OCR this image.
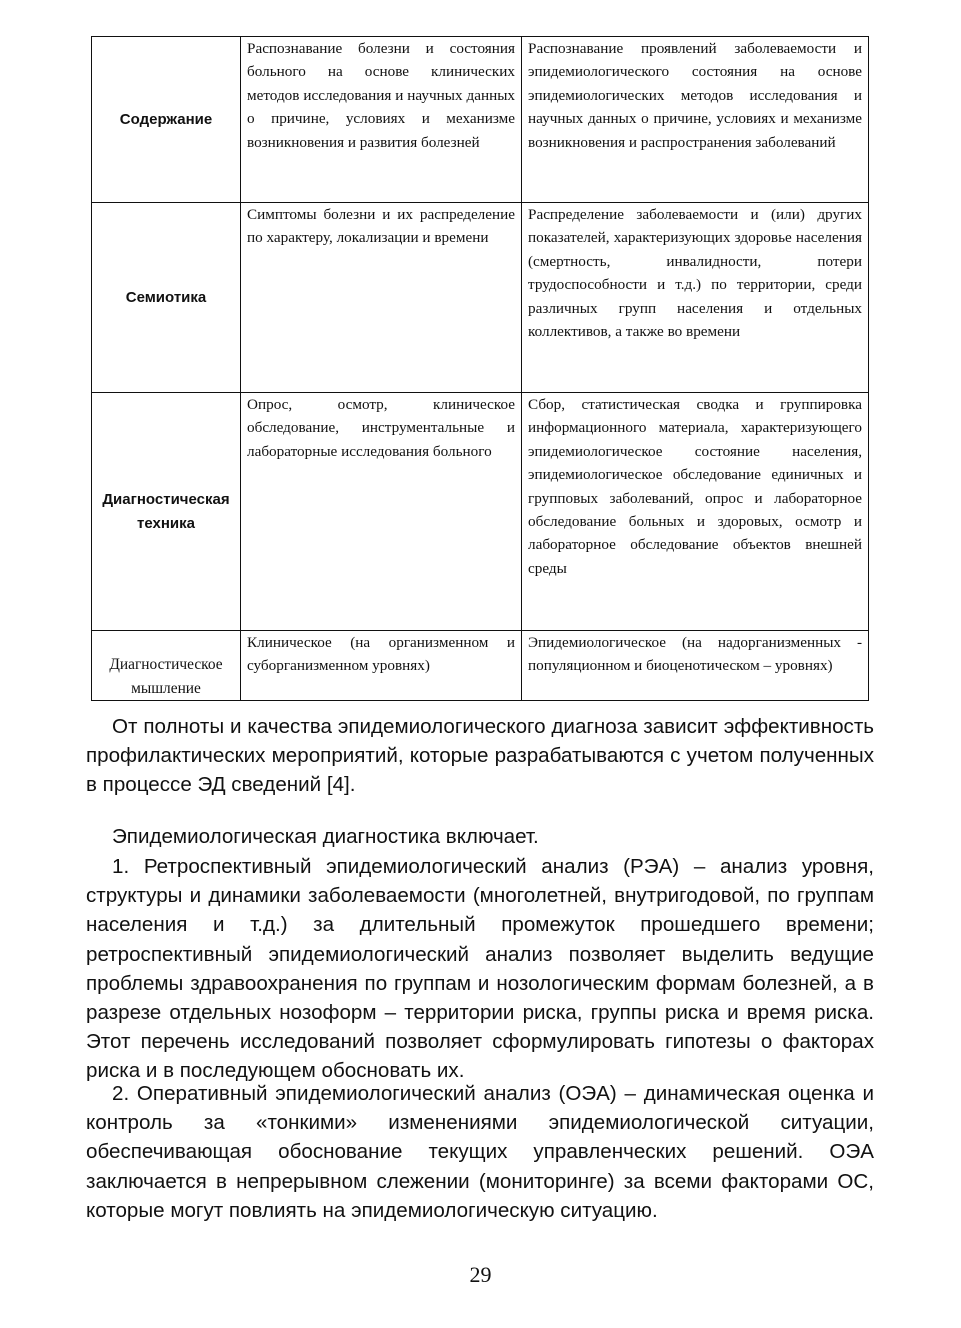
Содержание	Распознавание болезни и состояния больного на основе клинических методов исследования и научных данных о причине, условиях и механизме возникновения и развития болезней	Распознавание проявлений заболеваемости и эпидемиологического состояния на основе эпидемиологических методов исследования и научных данных о причине, условиях и механизме возникновения и распространения заболеваний
Семиотика	Симптомы болезни и их распределение по характеру, локализации и времени	Распределение заболеваемости и (или) других показателей, характеризующих здоровье населения (смертность, инвалидности, потери трудоспособности и т.д.) по территории, среди различных групп населения и отдельных коллективов, а также во времени
Диагностическая техника	Опрос, осмотр, клиническое обследование, инструментальные и лабораторные исследования больного	Сбор, статистическая сводка и группировка информационного материала, характеризующего эпидемиологическое состояние населения, эпидемиологическое обследование единичных и групповых заболеваний, опрос и лабораторное обследование больных и здоровых, осмотр и лабораторное обследование объектов внешней среды
Диагностическое мышление	Клиническое (на организменном и суборганизменном уровнях)	Эпидемиологическое (на надорганизменных - популяционном и биоценотическом – уровнях)

От полноты и качества эпидемиологического диагноза зависит эффективность профилактических мероприятий, которые разрабатываются с учетом полученных в процессе ЭД сведений [4].

Эпидемиологическая диагностика включает.

1. Ретроспективный эпидемиологический анализ (РЭА) – анализ уровня, структуры и динамики заболеваемости (многолетней, внутригодовой, по группам населения и т.д.) за длительный промежуток прошедшего времени; ретроспективный эпидемиологический анализ позволяет выделить ведущие проблемы здравоохранения по группам и нозологическим формам болезней, а в разрезе отдельных нозоформ – территории риска, группы риска и время риска. Этот перечень исследований позволяет сформулировать гипотезы о факторах риска и в последующем обосновать их.

2. Оперативный эпидемиологический анализ (ОЭА) – динамическая оценка и контроль за «тонкими» изменениями эпидемиологической ситуации, обеспечивающая обоснование текущих управленческих решений. ОЭА заключается в непрерывном слежении (мониторинге) за всеми факторами ОС, которые могут повлиять на эпидемиологическую ситуацию.

29
